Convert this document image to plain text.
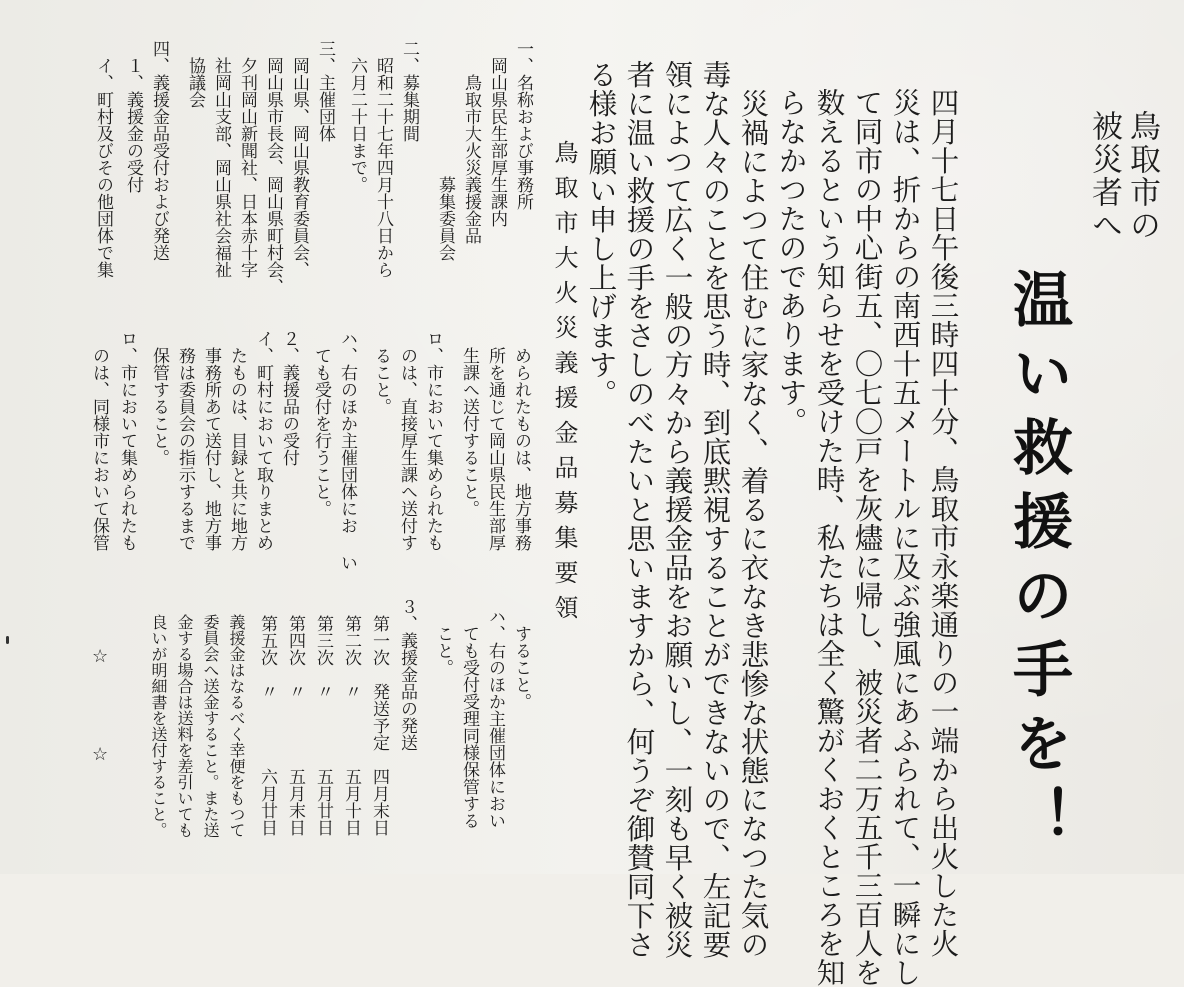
鳥取市の
被災者へ
温い救援の手を！
四月十七日午後三時四十分、鳥取市永楽通りの一端から出火した火
災は、折からの南西十五メートルに及ぶ強風にあふられて、一瞬にし
て同市の中心街五、〇七〇戸を灰燼に帰し、被災者二万五千三百人を
数えるという知らせを受けた時、私たちは全く驚がくおくところを知
らなかつたのであります。
　災禍によつて住むに家なく、着るに衣なき悲惨な状態になつた気の
毒な人々のことを思う時、到底黙視することができないので、左記要
領によつて広く一般の方々から義援金品をお願いし、一刻も早く被災
者に温い救援の手をさしのべたいと思いますから、何うぞ御賛同下さ
る様お願い申し上げます。
鳥取市大火災義援金品募集要領
一、名称および事務所
　岡山県民生部厚生課内
　　鳥取市大火災義援金品
　　　　　　　　募集委員会
二、募集期間
　昭和二十七年四月十八日から
　六月二十日まで。
三、主催団体
　岡山県、岡山県教育委員会、
　岡山県市長会、岡山県町村会、
　夕刊岡山新聞社、日本赤十字
　社岡山支部、岡山県社会福祉
　協議会
四、義援金品受付および発送
　１、義援金の受付
　イ、町村及びその他団体で集
　められたものは、地方事務
　所を通じて岡山県民生部厚
　生課へ送付すること。
ロ、市において集められたも
　のは、直接厚生課へ送付す
　ること。
ハ、右のほか主催団体にお い
　ても受付を行うこと。
２、義援品の受付
イ、町村において取りまとめ
　たものは、目録と共に地方
　事務所あて送付し、地方事
　務は委員会の指示するまで
　保管すること。
ロ、市において集められたも
　のは、同様市において保管
　すること。
ハ、右のほか主催団体におい
　ても受付受理同様保管する
　こと。
３、義援金品の発送
　第一次　発送予定　四月末日
　第二次　〃　　　　五月十日
　第三次　〃　　　　五月廿日
　第四次　〃　　　　五月末日
　第五次　〃　　　　六月廿日
　義援金はなるべく幸便をもつて
　委員会へ送金すること。また送
　金する場合は送料を差引いても
　良いが明細書を送付すること。
☆
☆
